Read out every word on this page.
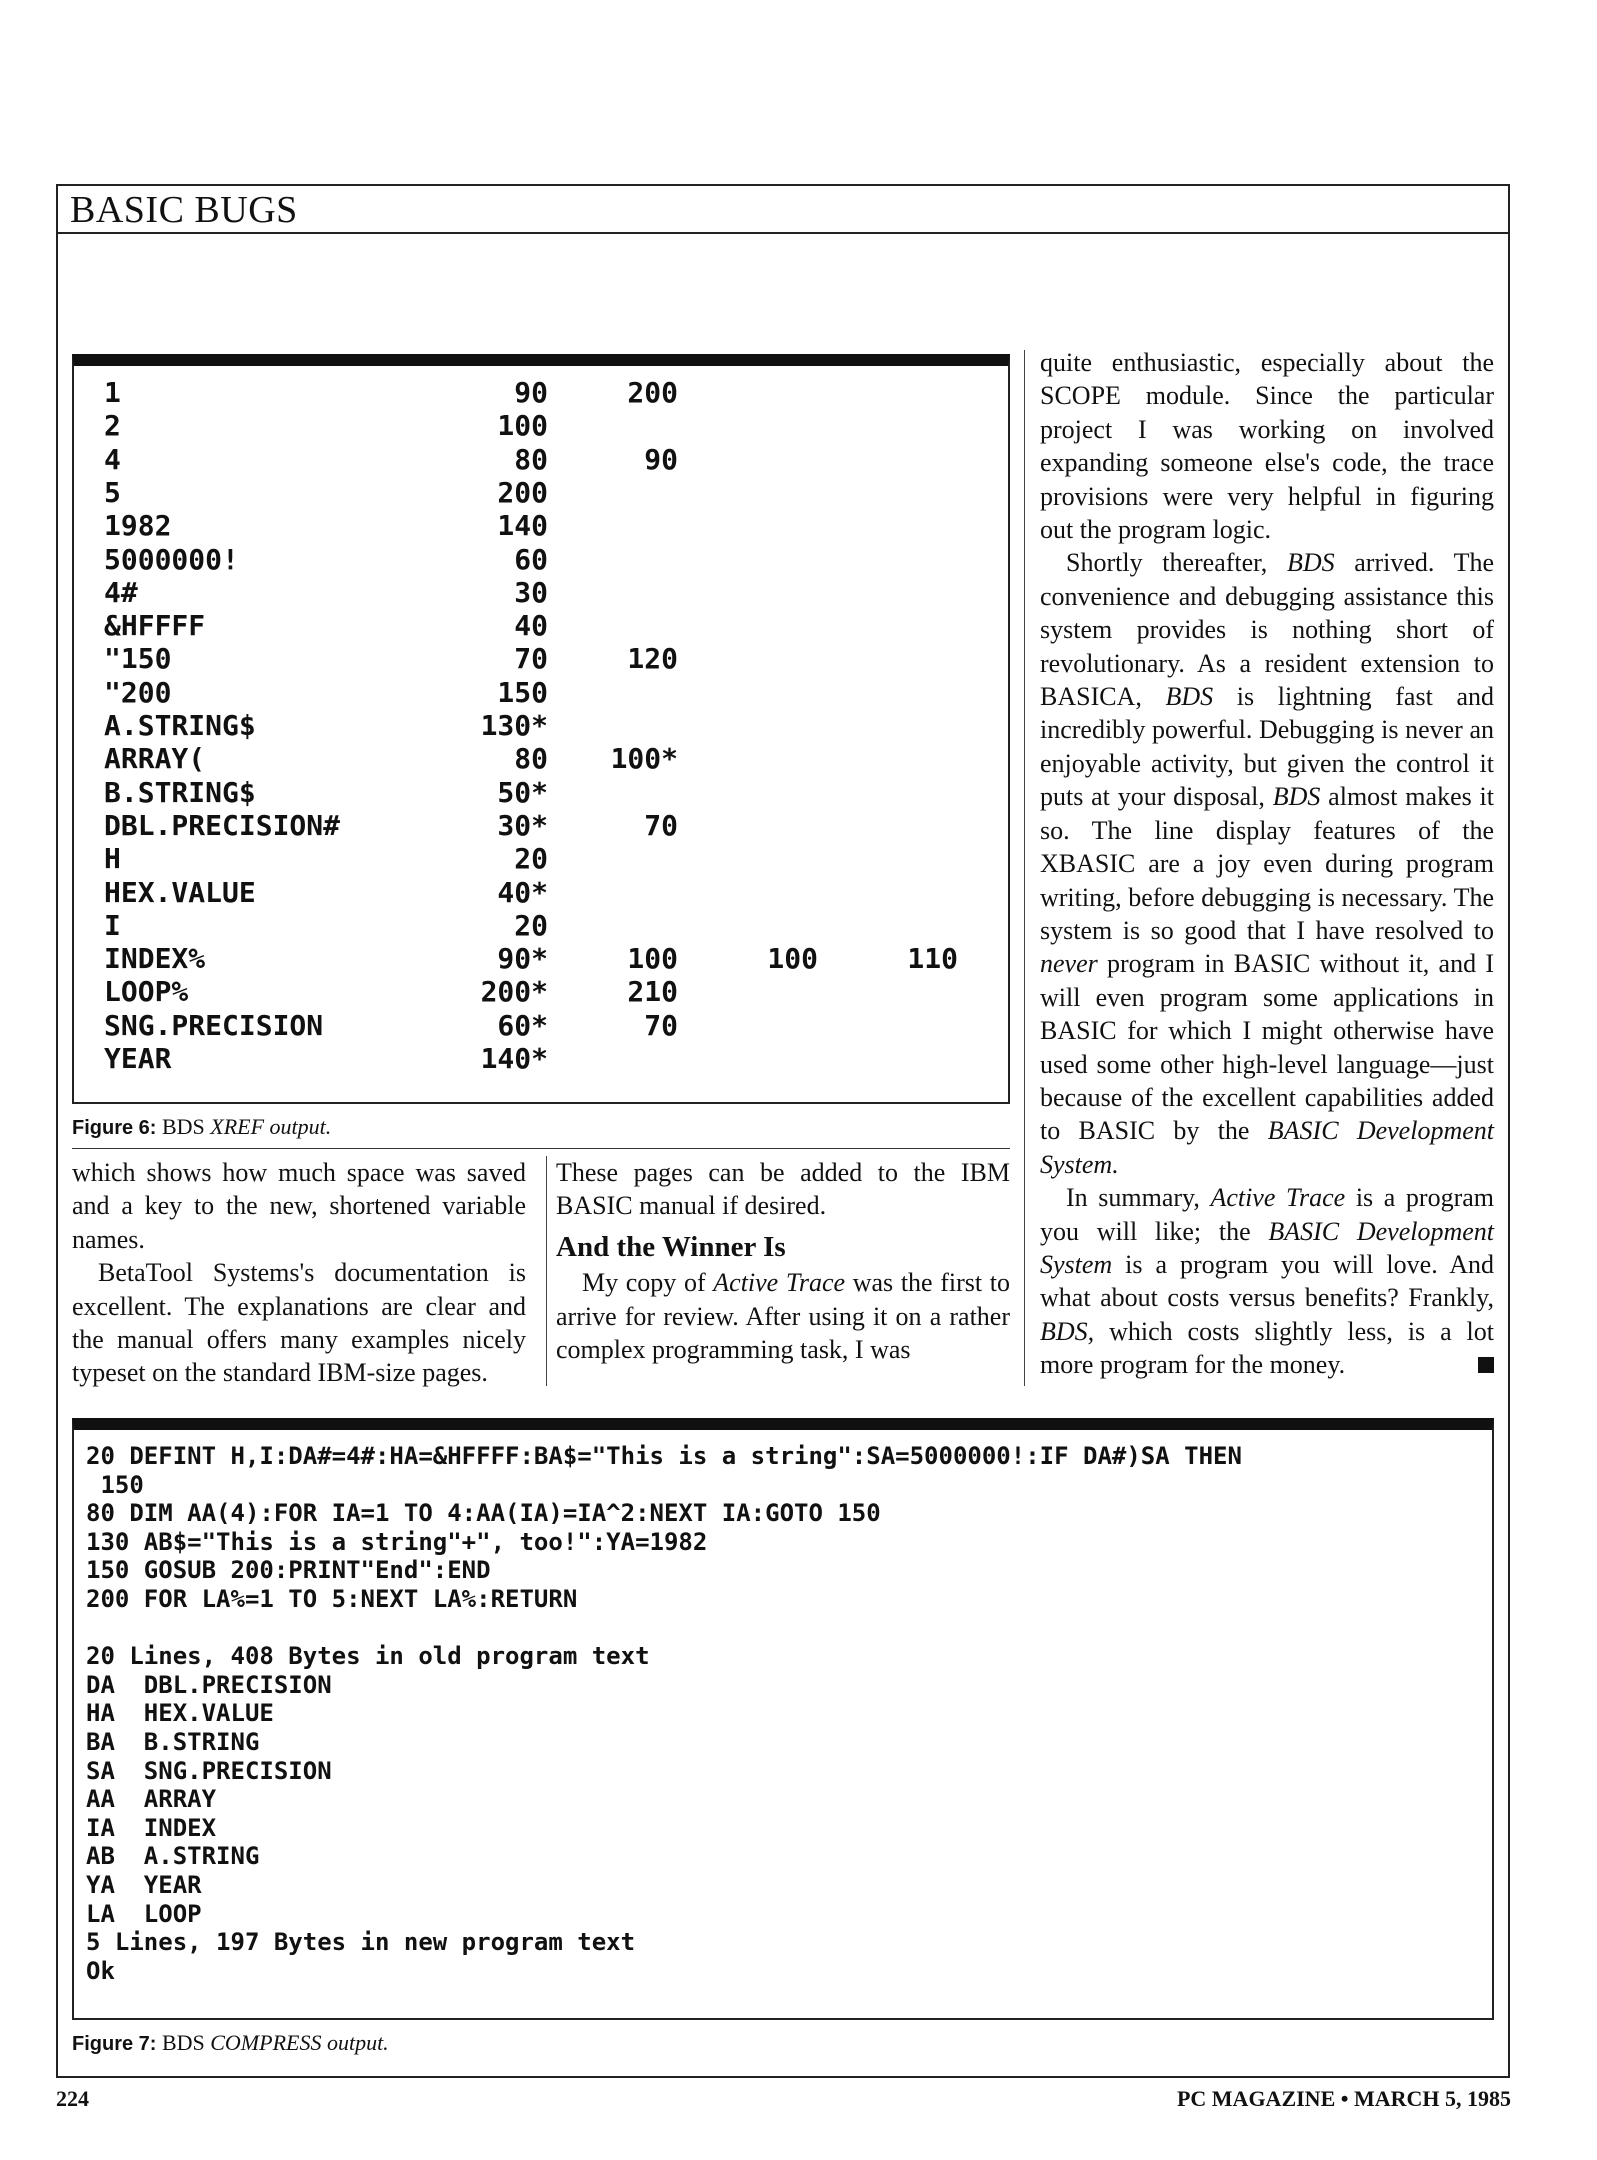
BASIC BUGS
1	90	200
2	100
4	80	90
5	200
1982	140
5000000!	60
4#	30
&HFFFF	40
"150	70	120
"200	150
A.STRING$	130*
ARRAY(	80 100*
B.STRING$	50*
DBL.PRECISION#	30*	70
H	20
HEX.VALUE	40*
I	20
INDEX%	90*	100	100	110
LOOP%	200*	210
SNG.PRECISION	60*	70
YEAR	140*
Figure 6: BDS XREF output.

which shows how much space was saved and a key to the new, shortened variable names.

BetaTool Systems's documentation is excellent. The explanations are clear and the manual offers many examples nicely typeset on the standard IBM-size pages.

These pages can be added to the IBM BASIC manual if desired.

And the Winner Is

My copy of Active Trace was the first to arrive for review. After using it on a rather complex programming task, I was

quite enthusiastic, especially about the SCOPE module. Since the particular project I was working on involved expanding someone else's code, the trace provisions were very helpful in figuring out the program logic.

Shortly thereafter, BDS arrived. The convenience and debugging assistance this system provides is nothing short of revolutionary. As a resident extension to BASICA, BDS is lightning fast and incredibly powerful. Debugging is never an enjoyable activity, but given the control it puts at your disposal, BDS almost makes it so. The line display features of the XBASIC are a joy even during program writing, before debugging is necessary. The system is so good that I have resolved to never program in BASIC without it, and I will even program some applications in BASIC for which I might otherwise have used some other high-level language—just because of the excellent capabilities added to BASIC by the BASIC Development System.

In summary, Active Trace is a program you will like; the BASIC Development System is a program you will love. And what about costs versus benefits? Frankly, BDS, which costs slightly less, is a lot more program for the money.

20 DEFINT H,I:DA#=4#:HA=&HFFFF:BA$="This is a string":SA=5000000!:IF DA#)SA THEN
150
80 DIM AA(4):FOR IA=1 TO 4:AA(IA)=IA^2:NEXT IA:GOTO 150
130 AB$="This is a string"+", too!":YA=1982
150 GOSUB 200:PRINT"End":END
200 FOR LA%=1 TO 5:NEXT LA%:RETURN
20 Lines, 408 Bytes in old program text
DA  DBL.PRECISION
HA  HEX.VALUE
BA  B.STRING
SA  SNG.PRECISION
AA  ARRAY
IA  INDEX
AB  A.STRING
YA  YEAR
LA  LOOP
5 Lines, 197 Bytes in new program text
Ok
Figure 7: BDS COMPRESS output.
224	PC MAGAZINE • MARCH 5, 1985
